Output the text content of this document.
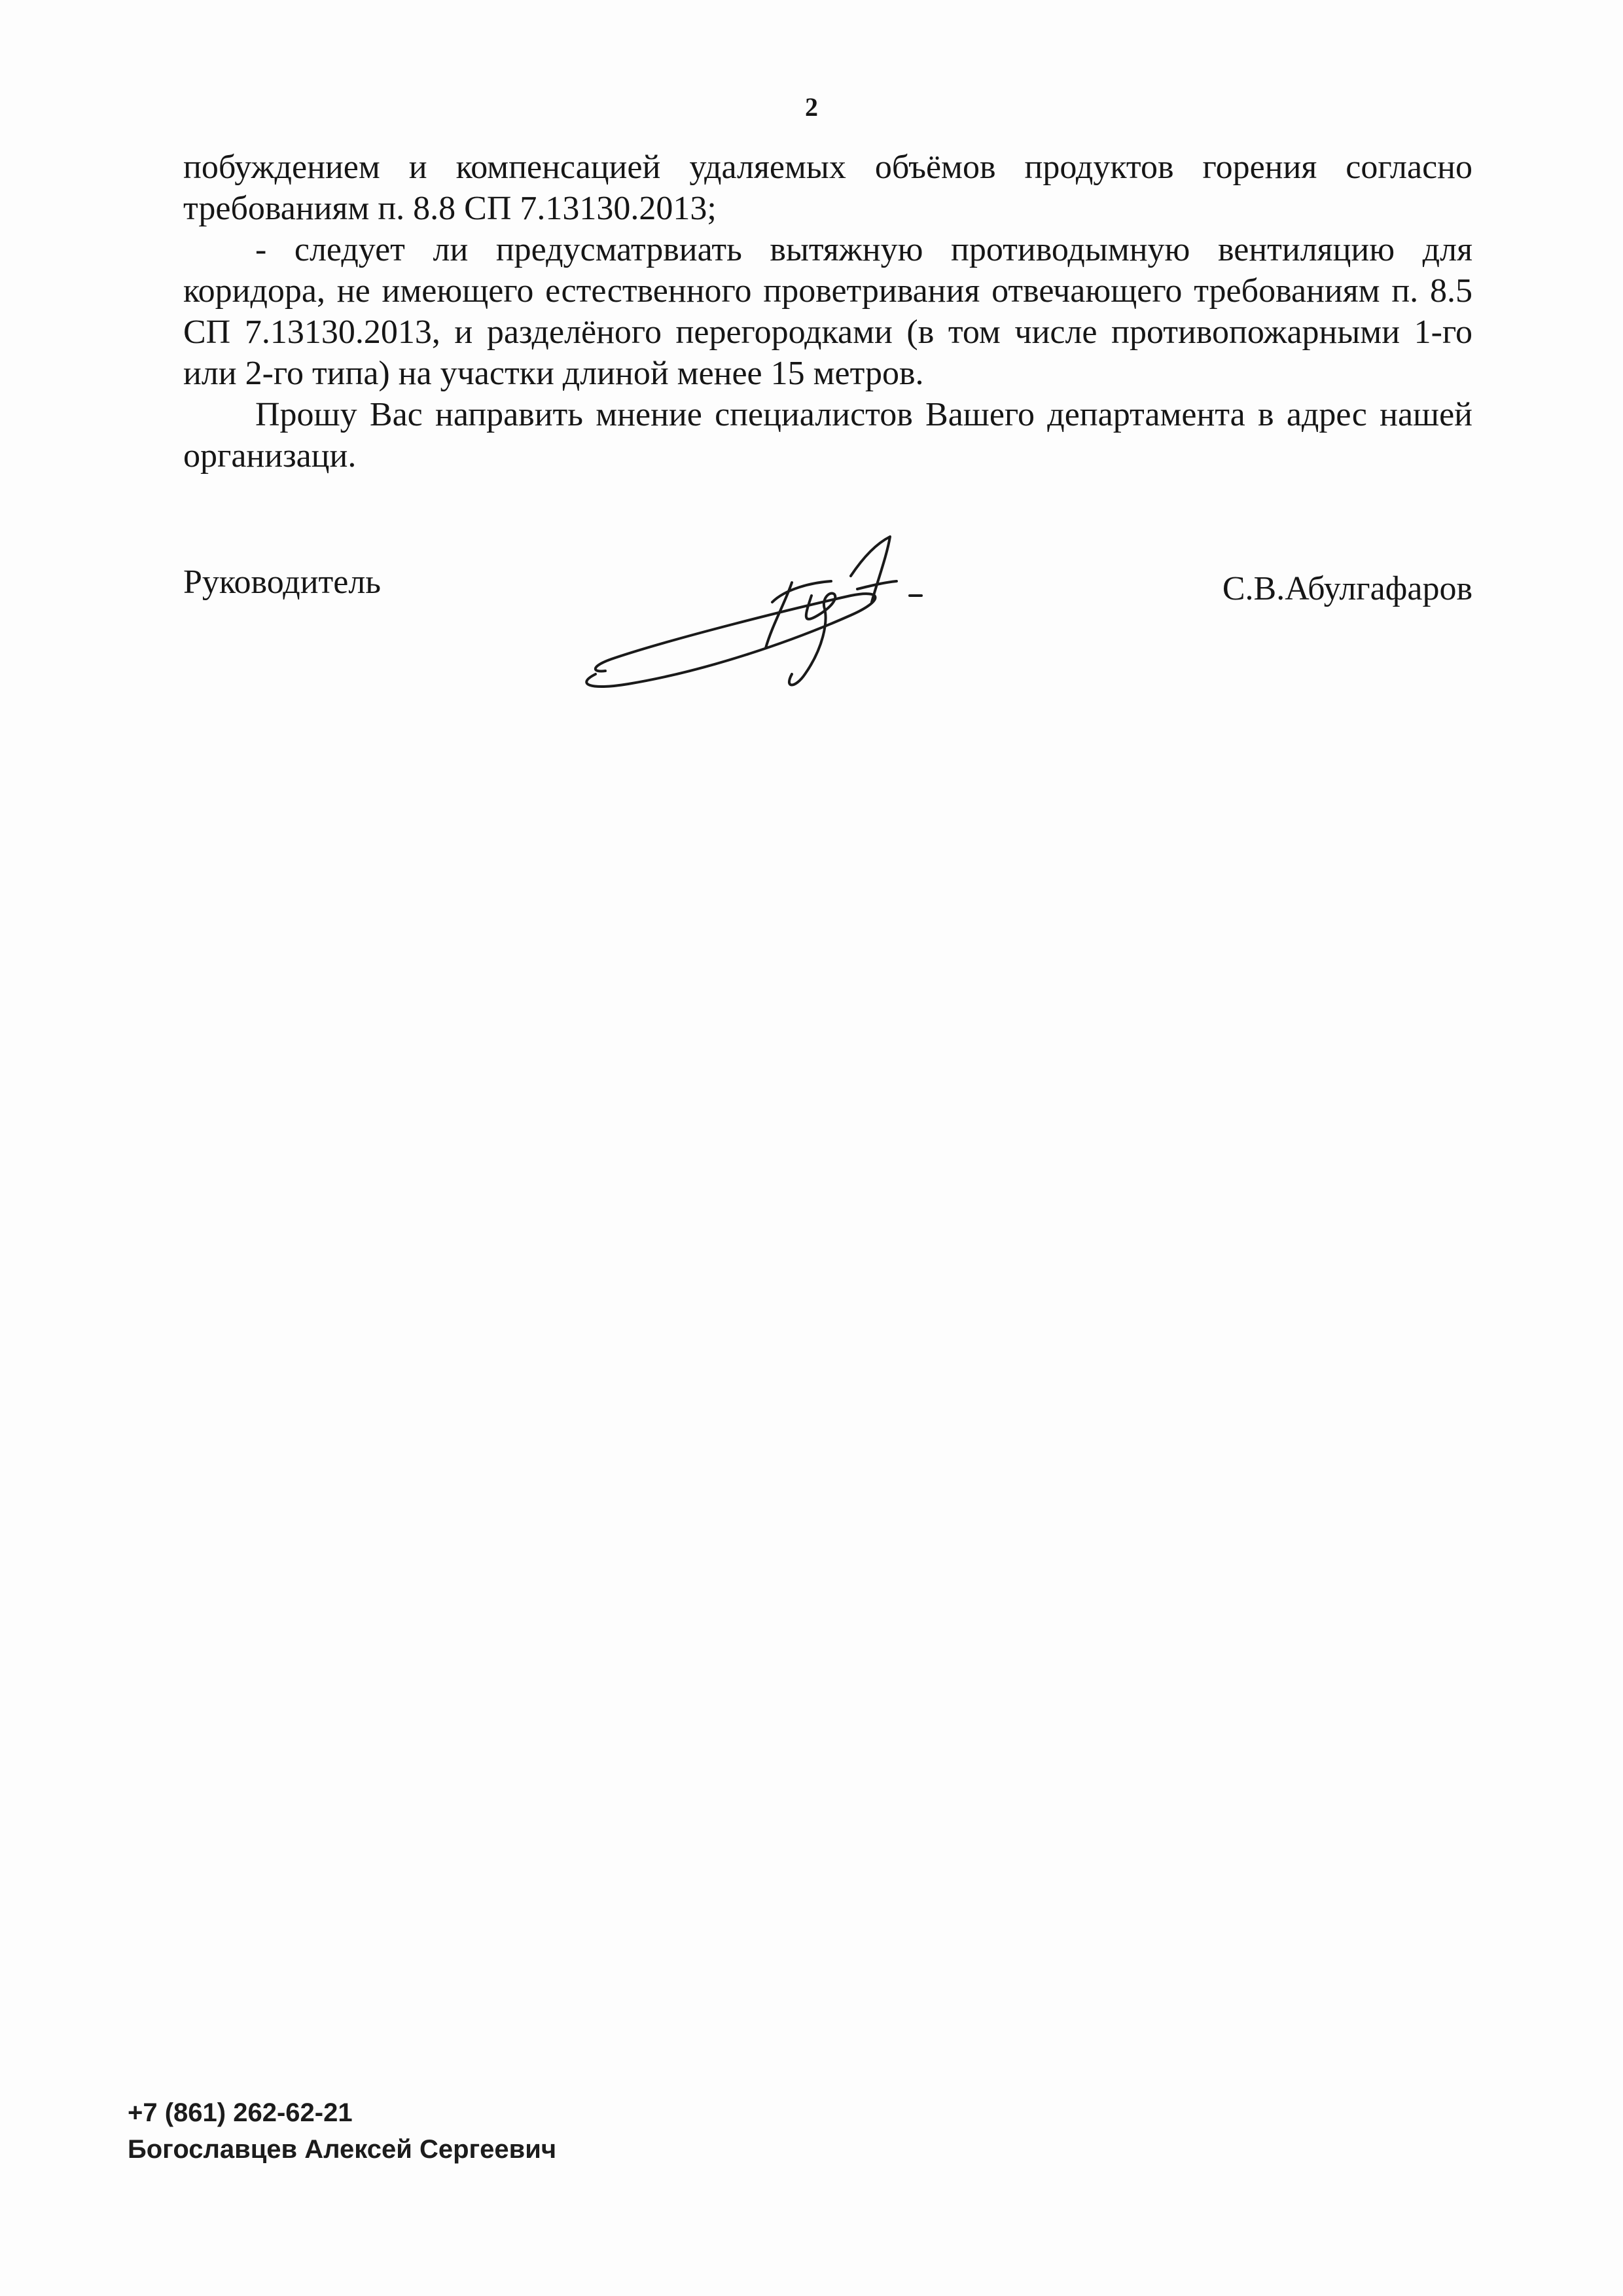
2

побуждением и компенсацией удаляемых объёмов продуктов горения согласно требованиям п. 8.8 СП 7.13130.2013;

- следует ли предусматрвиать вытяжную противодымную вентиляцию для коридора, не имеющего естественного проветривания отвечающего требованиям п. 8.5 СП 7.13130.2013, и разделёного перегородками (в том числе противопожарными 1-го или 2-го типа) на участки длиной менее 15 метров.

Прошу Вас направить мнение специалистов Вашего департамента в адрес нашей организаци.

Руководитель	С.В.Абулгафаров
+7 (861) 262-62-21
Богославцев Алексей Сергеевич
